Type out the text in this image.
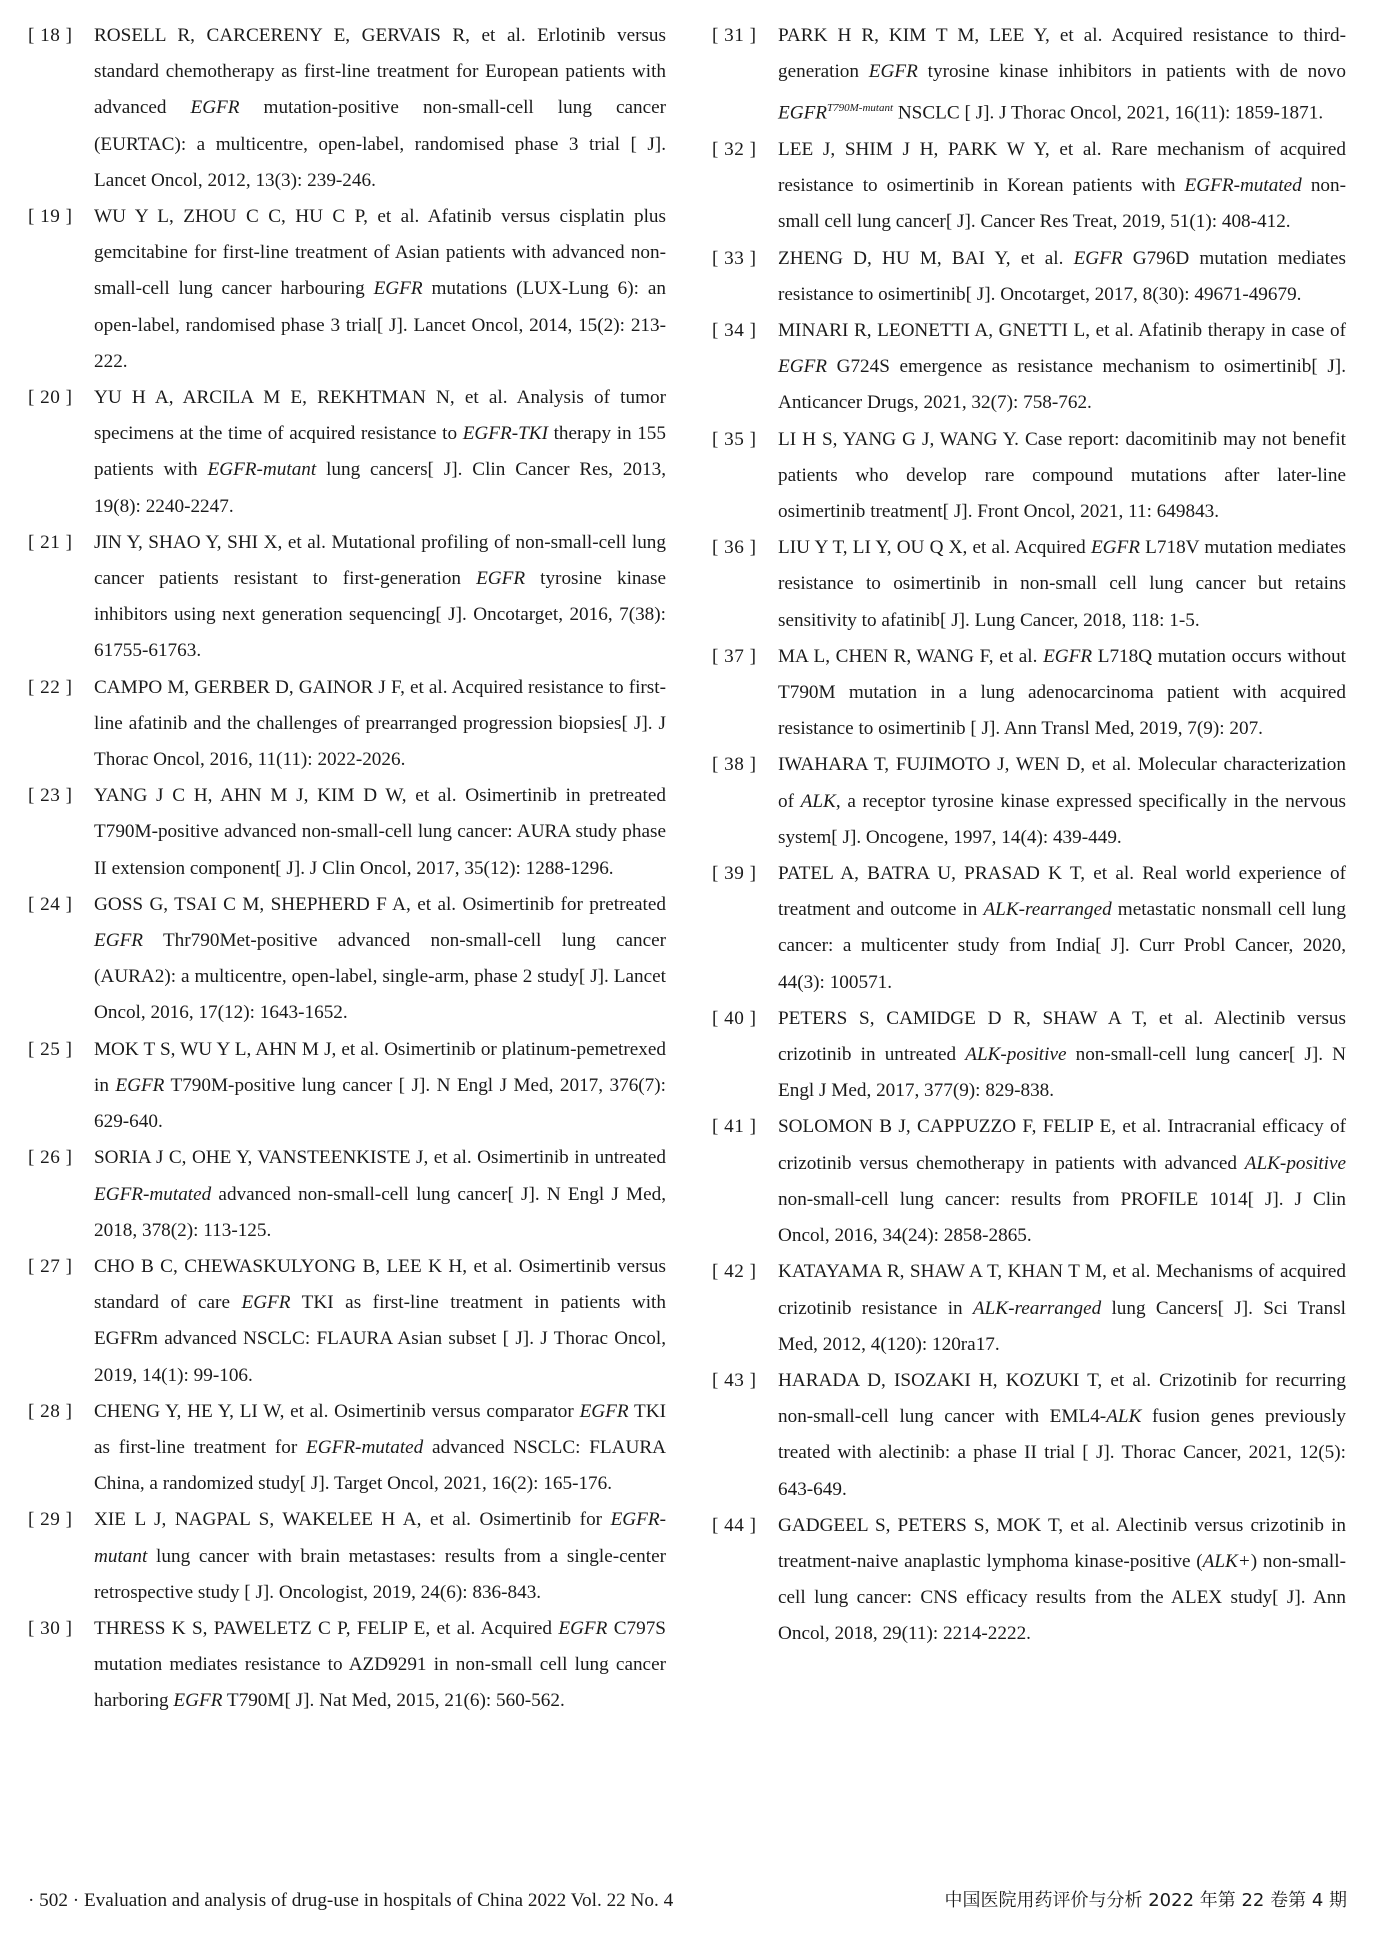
[ 18 ]	ROSELL R, CARCERENY E, GERVAIS R, et al. Erlotinib versus standard chemotherapy as first-line treatment for European patients with advanced EGFR mutation-positive non-small-cell lung cancer (EURTAC): a multicentre, open-label, randomised phase 3 trial [ J]. Lancet Oncol, 2012, 13(3): 239-246.
[ 19 ]	WU Y L, ZHOU C C, HU C P, et al. Afatinib versus cisplatin plus gemcitabine for first-line treatment of Asian patients with advanced non-small-cell lung cancer harbouring EGFR mutations (LUX-Lung 6): an open-label, randomised phase 3 trial[ J]. Lancet Oncol, 2014, 15(2): 213-222.
[ 20 ]	YU H A, ARCILA M E, REKHTMAN N, et al. Analysis of tumor specimens at the time of acquired resistance to EGFR-TKI therapy in 155 patients with EGFR-mutant lung cancers[ J]. Clin Cancer Res, 2013, 19(8): 2240-2247.
[ 21 ]	JIN Y, SHAO Y, SHI X, et al. Mutational profiling of non-small-cell lung cancer patients resistant to first-generation EGFR tyrosine kinase inhibitors using next generation sequencing[ J]. Oncotarget, 2016, 7(38): 61755-61763.
[ 22 ]	CAMPO M, GERBER D, GAINOR J F, et al. Acquired resistance to first-line afatinib and the challenges of prearranged progression biopsies[ J]. J Thorac Oncol, 2016, 11(11): 2022-2026.
[ 23 ]	YANG J C H, AHN M J, KIM D W, et al. Osimertinib in pretreated T790M-positive advanced non-small-cell lung cancer: AURA study phase II extension component[ J]. J Clin Oncol, 2017, 35(12): 1288-1296.
[ 24 ]	GOSS G, TSAI C M, SHEPHERD F A, et al. Osimertinib for pretreated EGFR Thr790Met-positive advanced non-small-cell lung cancer (AURA2): a multicentre, open-label, single-arm, phase 2 study[ J]. Lancet Oncol, 2016, 17(12): 1643-1652.
[ 25 ]	MOK T S, WU Y L, AHN M J, et al. Osimertinib or platinum-pemetrexed in EGFR T790M-positive lung cancer [ J]. N Engl J Med, 2017, 376(7): 629-640.
[ 26 ]	SORIA J C, OHE Y, VANSTEENKISTE J, et al. Osimertinib in untreated EGFR-mutated advanced non-small-cell lung cancer[ J]. N Engl J Med, 2018, 378(2): 113-125.
[ 27 ]	CHO B C, CHEWASKULYONG B, LEE K H, et al. Osimertinib versus standard of care EGFR TKI as first-line treatment in patients with EGFRm advanced NSCLC: FLAURA Asian subset [ J]. J Thorac Oncol, 2019, 14(1): 99-106.
[ 28 ]	CHENG Y, HE Y, LI W, et al. Osimertinib versus comparator EGFR TKI as first-line treatment for EGFR-mutated advanced NSCLC: FLAURA China, a randomized study[ J]. Target Oncol, 2021, 16(2): 165-176.
[ 29 ]	XIE L J, NAGPAL S, WAKELEE H A, et al. Osimertinib for EGFR-mutant lung cancer with brain metastases: results from a single-center retrospective study [ J]. Oncologist, 2019, 24(6): 836-843.
[ 30 ]	THRESS K S, PAWELETZ C P, FELIP E, et al. Acquired EGFR C797S mutation mediates resistance to AZD9291 in non-small cell lung cancer harboring EGFR T790M[ J]. Nat Med, 2015, 21(6): 560-562.
[ 31 ]	PARK H R, KIM T M, LEE Y, et al. Acquired resistance to third-generation EGFR tyrosine kinase inhibitors in patients with de novo $EGFR^{T790M-mutant}$ NSCLC [ J]. J Thorac Oncol, 2021, 16(11): 1859-1871.
[ 32 ]	LEE J, SHIM J H, PARK W Y, et al. Rare mechanism of acquired resistance to osimertinib in Korean patients with EGFR-mutated non-small cell lung cancer[ J]. Cancer Res Treat, 2019, 51(1): 408-412.
[ 33 ]	ZHENG D, HU M, BAI Y, et al. EGFR G796D mutation mediates resistance to osimertinib[ J]. Oncotarget, 2017, 8(30): 49671-49679.
[ 34 ]	MINARI R, LEONETTI A, GNETTI L, et al. Afatinib therapy in case of EGFR G724S emergence as resistance mechanism to osimertinib[ J]. Anticancer Drugs, 2021, 32(7): 758-762.
[ 35 ]	LI H S, YANG G J, WANG Y. Case report: dacomitinib may not benefit patients who develop rare compound mutations after later-line osimertinib treatment[ J]. Front Oncol, 2021, 11: 649843.
[ 36 ]	LIU Y T, LI Y, OU Q X, et al. Acquired EGFR L718V mutation mediates resistance to osimertinib in non-small cell lung cancer but retains sensitivity to afatinib[ J]. Lung Cancer, 2018, 118: 1-5.
[ 37 ]	MA L, CHEN R, WANG F, et al. EGFR L718Q mutation occurs without T790M mutation in a lung adenocarcinoma patient with acquired resistance to osimertinib [ J]. Ann Transl Med, 2019, 7(9): 207.
[ 38 ]	IWAHARA T, FUJIMOTO J, WEN D, et al. Molecular characterization of ALK, a receptor tyrosine kinase expressed specifically in the nervous system[ J]. Oncogene, 1997, 14(4): 439-449.
[ 39 ]	PATEL A, BATRA U, PRASAD K T, et al. Real world experience of treatment and outcome in ALK-rearranged metastatic nonsmall cell lung cancer: a multicenter study from India[ J]. Curr Probl Cancer, 2020, 44(3): 100571.
[ 40 ]	PETERS S, CAMIDGE D R, SHAW A T, et al. Alectinib versus crizotinib in untreated ALK-positive non-small-cell lung cancer[ J]. N Engl J Med, 2017, 377(9): 829-838.
[ 41 ]	SOLOMON B J, CAPPUZZO F, FELIP E, et al. Intracranial efficacy of crizotinib versus chemotherapy in patients with advanced ALK-positive non-small-cell lung cancer: results from PROFILE 1014[ J]. J Clin Oncol, 2016, 34(24): 2858-2865.
[ 42 ]	KATAYAMA R, SHAW A T, KHAN T M, et al. Mechanisms of acquired crizotinib resistance in ALK-rearranged lung Cancers[ J]. Sci Transl Med, 2012, 4(120): 120ra17.
[ 43 ]	HARADA D, ISOZAKI H, KOZUKI T, et al. Crizotinib for recurring non-small-cell lung cancer with EML4-ALK fusion genes previously treated with alectinib: a phase II trial [ J]. Thorac Cancer, 2021, 12(5): 643-649.
[ 44 ]	GADGEEL S, PETERS S, MOK T, et al. Alectinib versus crizotinib in treatment-naive anaplastic lymphoma kinase-positive (ALK+) non-small-cell lung cancer: CNS efficacy results from the ALEX study[ J]. Ann Oncol, 2018, 29(11): 2214-2222.
· 502 · Evaluation and analysis of drug-use in hospitals of China 2022 Vol. 22 No. 4	中国医院用药评价与分析 2022 年第 22 卷第 4 期
